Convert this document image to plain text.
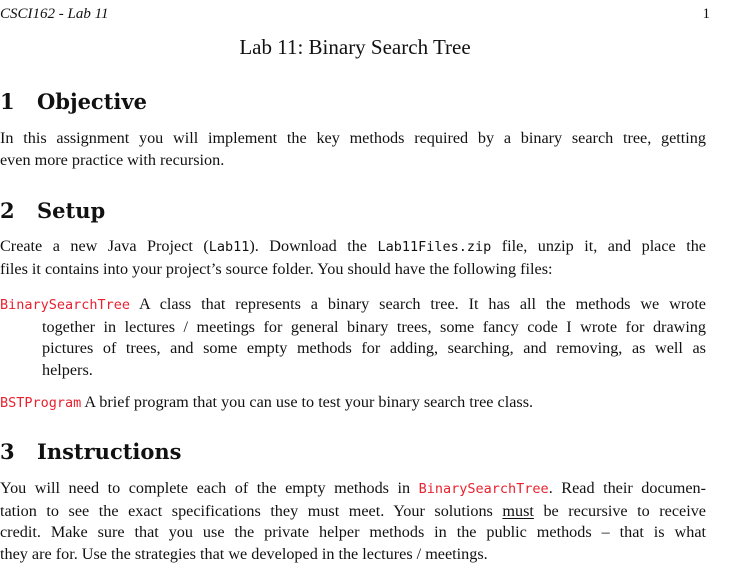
CSCI162 - Lab 11	1
Lab 11: Binary Search Tree
1 Objective
In this assignment you will implement the key methods required by a binary search tree, getting
even more practice with recursion.
2 Setup
Create a new Java Project (Lab11). Download the Lab11Files.zip file, unzip it, and place the
files it contains into your project’s source folder. You should have the following files:
BinarySearchTree A class that represents a binary search tree. It has all the methods we wrote
together in lectures / meetings for general binary trees, some fancy code I wrote for drawing
pictures of trees, and some empty methods for adding, searching, and removing, as well as
helpers.
BSTProgram A brief program that you can use to test your binary search tree class.
3 Instructions
You will need to complete each of the empty methods in BinarySearchTree. Read their documen-
tation to see the exact specifications they must meet. Your solutions must be recursive to receive
credit. Make sure that you use the private helper methods in the public methods – that is what
they are for. Use the strategies that we developed in the lectures / meetings.
